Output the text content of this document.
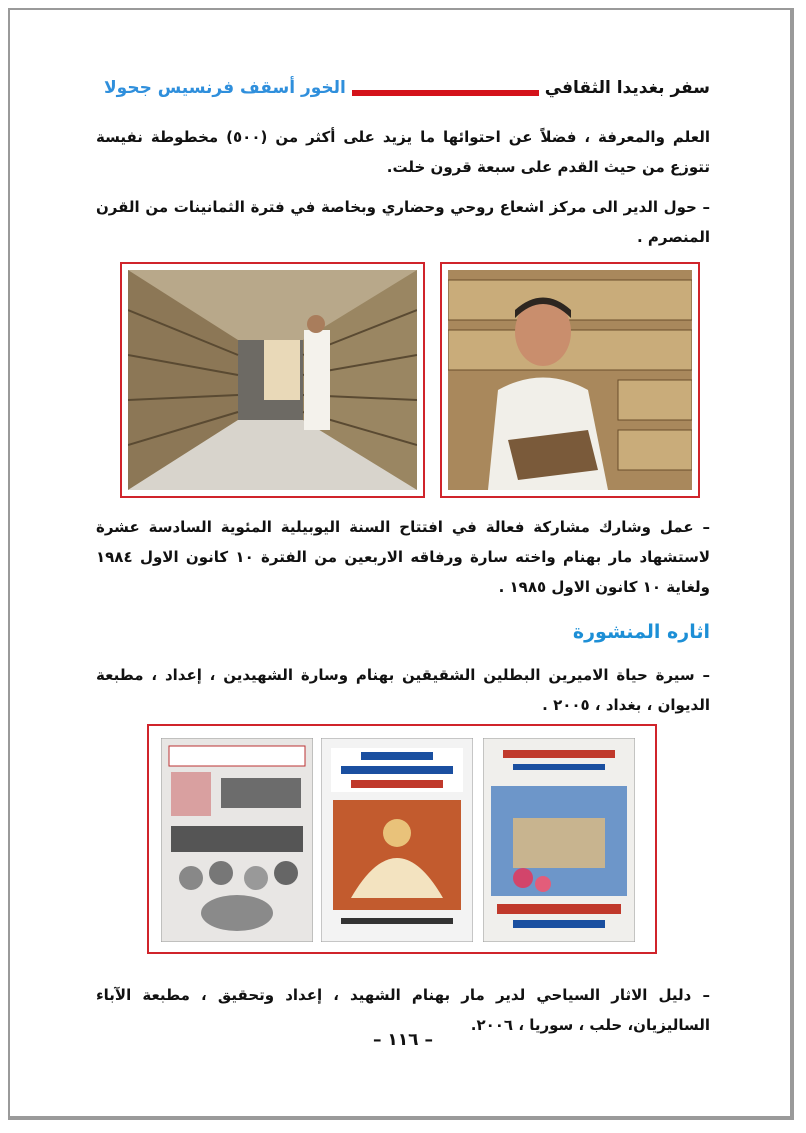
سفر بغديدا الثقافي
الخور أسقف فرنسيس جحولا

العلم والمعرفة ، فضلاً عن احتوائها ما يزيد على أكثر من (٥٠٠) مخطوطة نفيسة تتوزع من حيث القدم على سبعة قرون خلت.

– حول الدير الى مركز اشعاع روحي وحضاري وبخاصة في فترة الثمانينات من القرن المنصرم .

– عمل وشارك مشاركة فعالة في افتتاح السنة اليوبيلية المئوية السادسة عشرة لاستشهاد مار بهنام واخته سارة ورفاقه الاربعين من الفترة ١٠ كانون الاول ١٩٨٤ ولغاية ١٠ كانون الاول ١٩٨٥ .

اثاره المنشورة

– سيرة حياة الاميرين البطلين الشقيقين بهنام وسارة الشهيدين ، إعداد ، مطبعة الديوان ، بغداد ، ٢٠٠٥ .

– دليل الاثار السياحي لدير مار بهنام الشهيد ، إعداد وتحقيق ، مطبعة الآباء الساليزيان، حلب ، سوريا ، ٢٠٠٦.

– ١١٦ –
